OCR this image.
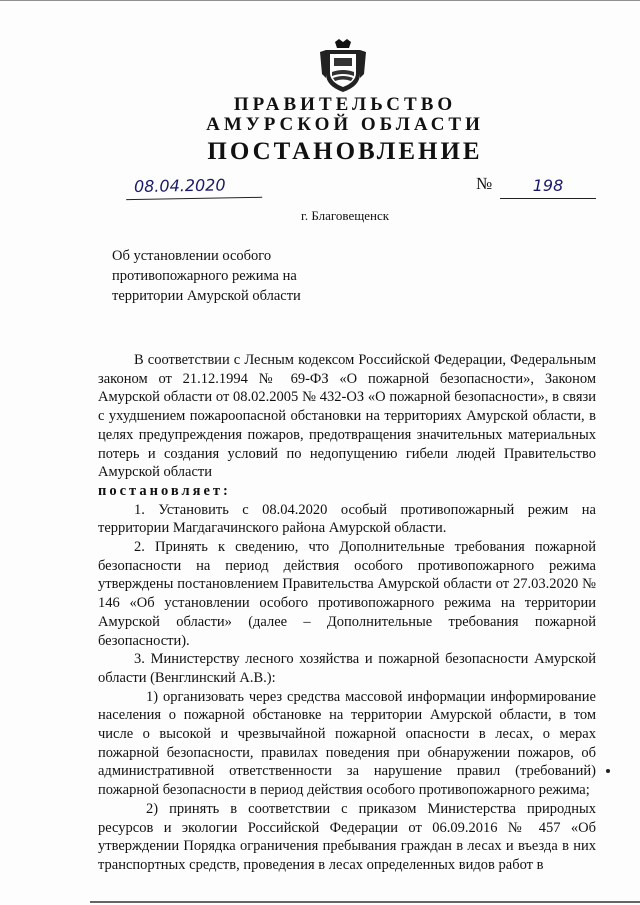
ПРАВИТЕЛЬСТВО
АМУРСКОЙ ОБЛАСТИ
ПОСТАНОВЛЕНИЕ
08.04.2020	№	198
г. Благовещенск
Об установлении особого противопожарного режима на территории Амурской области

В соответствии с Лесным кодексом Российской Федерации, Федеральным законом от 21.12.1994 № 69-ФЗ «О пожарной безопасности», Законом Амурской области от 08.02.2005 № 432-ОЗ «О пожарной безопасности», в связи с ухудшением пожароопасной обстановки на территориях Амурской области, в целях предупреждения пожаров, предотвращения значительных материальных потерь и создания условий по недопущению гибели людей Правительство Амурской области

постановляет:

1. Установить с 08.04.2020 особый противопожарный режим на территории Магдагачинского района Амурской области.

2. Принять к сведению, что Дополнительные требования пожарной безопасности на период действия особого противопожарного режима утверждены постановлением Правительства Амурской области от 27.03.2020 № 146 «Об установлении особого противопожарного режима на территории Амурской области» (далее – Дополнительные требования пожарной безопасности).

3. Министерству лесного хозяйства и пожарной безопасности Амурской области (Венглинский А.В.):

1) организовать через средства массовой информации информирование населения о пожарной обстановке на территории Амурской области, в том числе о высокой и чрезвычайной пожарной опасности в лесах, о мерах пожарной безопасности, правилах поведения при обнаружении пожаров, об административной ответственности за нарушение правил (требований) пожарной безопасности в период действия особого противопожарного режима;

2) принять в соответствии с приказом Министерства природных ресурсов и экологии Российской Федерации от 06.09.2016 № 457 «Об утверждении Порядка ограничения пребывания граждан в лесах и въезда в них транспортных средств, проведения в лесах определенных видов работ в
